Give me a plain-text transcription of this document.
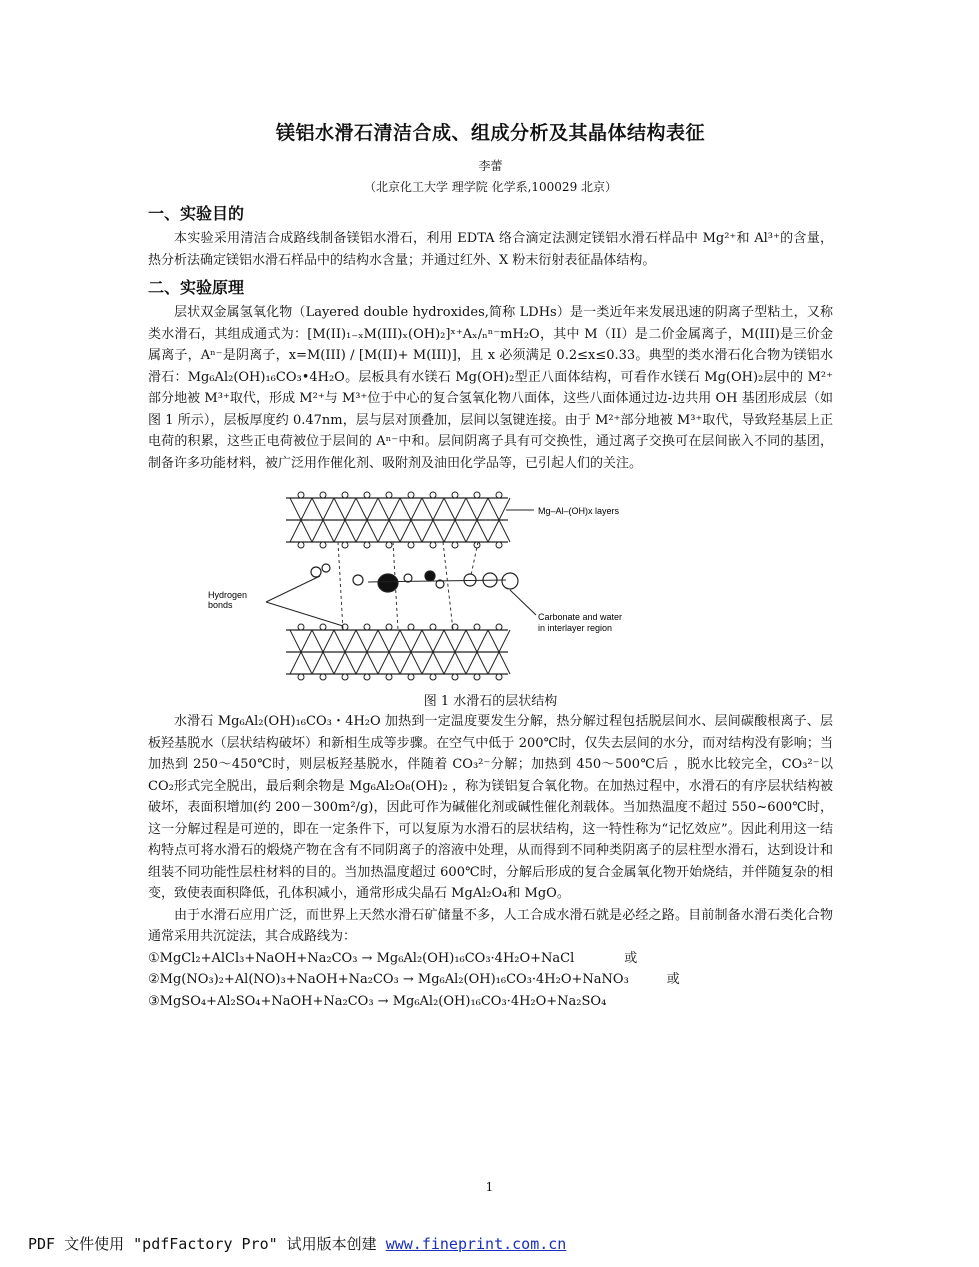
镁铝水滑石清洁合成、组成分析及其晶体结构表征
李蕾
（北京化工大学 理学院 化学系,100029 北京）
一、实验目的

本实验采用清洁合成路线制备镁铝水滑石，利用 EDTA 络合滴定法测定镁铝水滑石样品中 Mg²⁺和 Al³⁺的含量，热分析法确定镁铝水滑石样品中的结构水含量；并通过红外、X 粉末衍射表征晶体结构。

二、实验原理

层状双金属氢氧化物（Layered double hydroxides,简称 LDHs）是一类近年来发展迅速的阴离子型粘土，又称类水滑石，其组成通式为：[M(II)₁₋ₓM(III)ₓ(OH)₂]ˣ⁺Aₓ/ₙⁿ⁻mH₂O，其中 M（II）是二价金属离子，M(III)是三价金属离子，Aⁿ⁻是阴离子，x=M(III) / [M(II)+ M(III)]，且 x 必须满足 0.2≤x≤0.33。典型的类水滑石化合物为镁铝水滑石：Mg₆Al₂(OH)₁₆CO₃•4H₂O。层板具有水镁石 Mg(OH)₂型正八面体结构，可看作水镁石 Mg(OH)₂层中的 M²⁺部分地被 M³⁺取代，形成 M²⁺与 M³⁺位于中心的复合氢氧化物八面体，这些八面体通过边-边共用 OH 基团形成层（如图 1 所示），层板厚度约 0.47nm，层与层对顶叠加，层间以氢键连接。由于 M²⁺部分地被 M³⁺取代，导致羟基层上正电荷的积累，这些正电荷被位于层间的 Aⁿ⁻中和。层间阴离子具有可交换性，通过离子交换可在层间嵌入不同的基团，制备许多功能材料，被广泛用作催化剂、吸附剂及油田化学品等，已引起人们的关注。

Mg–Al–(OH)x layers
Hydrogen
bonds
Carbonate and water
in interlayer region
图 1 水滑石的层状结构

水滑石 Mg₆Al₂(OH)₁₆CO₃・4H₂O 加热到一定温度要发生分解，热分解过程包括脱层间水、层间碳酸根离子、层板羟基脱水（层状结构破坏）和新相生成等步骤。在空气中低于 200℃时，仅失去层间的水分，而对结构没有影响；当加热到 250～450℃时，则层板羟基脱水，伴随着 CO₃²⁻分解；加热到 450～500℃后 ，脱水比较完全，CO₃²⁻以 CO₂形式完全脱出，最后剩余物是 Mg₆Al₂O₈(OH)₂ ，称为镁铝复合氧化物。在加热过程中，水滑石的有序层状结构被破坏，表面积增加(约 200－300m²/g)，因此可作为碱催化剂或碱性催化剂载体。当加热温度不超过 550~600℃时，这一分解过程是可逆的，即在一定条件下，可以复原为水滑石的层状结构，这一特性称为“记忆效应”。因此利用这一结构特点可将水滑石的煅烧产物在含有不同阴离子的溶液中处理，从而得到不同种类阴离子的层柱型水滑石，达到设计和组装不同功能性层柱材料的目的。当加热温度超过 600℃时，分解后形成的复合金属氧化物开始烧结，并伴随复杂的相变，致使表面积降低，孔体积减小，通常形成尖晶石 MgAl₂O₄和 MgO。

由于水滑石应用广泛，而世界上天然水滑石矿储量不多，人工合成水滑石就是必经之路。目前制备水滑石类化合物通常采用共沉淀法，其合成路线为：

①MgCl₂+AlCl₃+NaOH+Na₂CO₃ → Mg₆Al₂(OH)₁₆CO₃·4H₂O+NaCl	或
②Mg(NO₃)₂+Al(NO)₃+NaOH+Na₂CO₃ → Mg₆Al₂(OH)₁₆CO₃·4H₂O+NaNO₃	或
③MgSO₄+Al₂SO₄+NaOH+Na₂CO₃ → Mg₆Al₂(OH)₁₆CO₃·4H₂O+Na₂SO₄
1
PDF 文件使用 "pdfFactory Pro" 试用版本创建 www.fineprint.com.cn
